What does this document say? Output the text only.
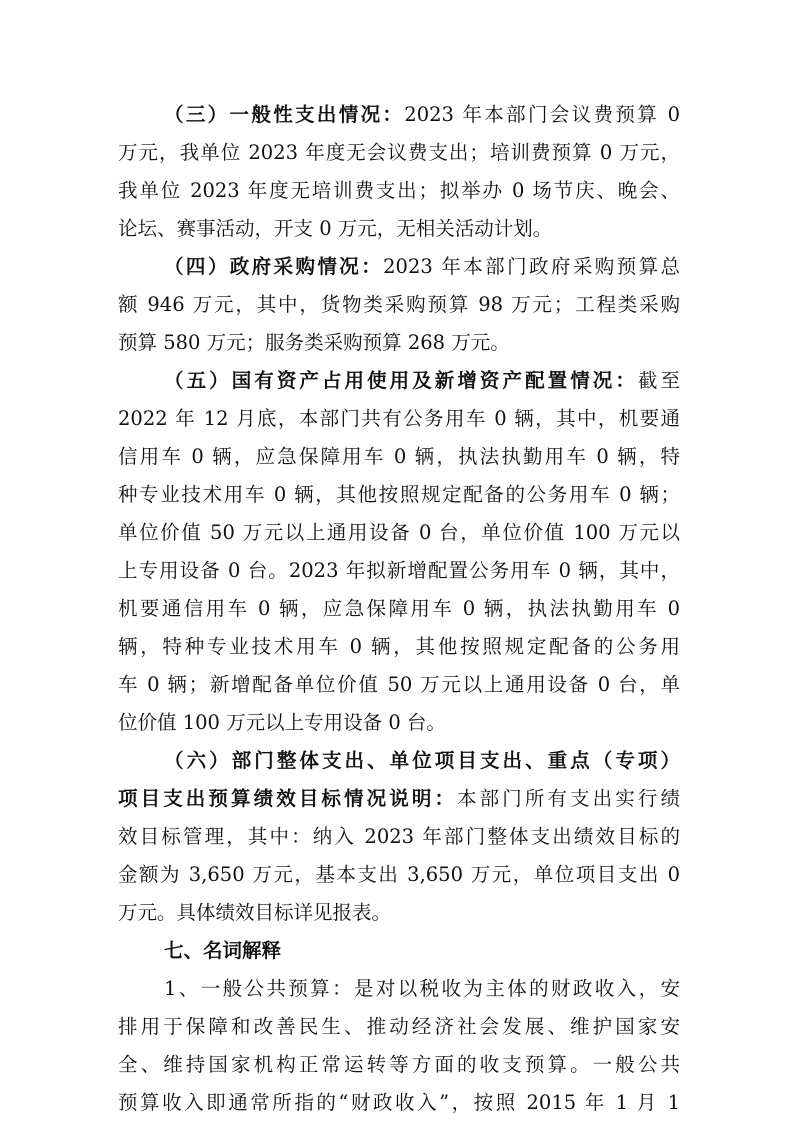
（三）一般性支出情况：2023 年本部门会议费预算 0
万元，我单位 2023 年度无会议费支出；培训费预算 0 万元，
我单位 2023 年度无培训费支出；拟举办 0 场节庆、晚会、
论坛、赛事活动，开支 0 万元，无相关活动计划。
（四）政府采购情况：2023 年本部门政府采购预算总
额 946 万元，其中，货物类采购预算 98 万元；工程类采购
预算 580 万元；服务类采购预算 268 万元。
（五）国有资产占用使用及新增资产配置情况：截至
2022 年 12 月底，本部门共有公务用车 0 辆，其中，机要通
信用车 0 辆，应急保障用车 0 辆，执法执勤用车 0 辆，特
种专业技术用车 0 辆，其他按照规定配备的公务用车 0 辆；
单位价值 50 万元以上通用设备 0 台，单位价值 100 万元以
上专用设备 0 台。2023 年拟新增配置公务用车 0 辆，其中，
机要通信用车 0 辆，应急保障用车 0 辆，执法执勤用车 0
辆，特种专业技术用车 0 辆，其他按照规定配备的公务用
车 0 辆；新增配备单位价值 50 万元以上通用设备 0 台，单
位价值 100 万元以上专用设备 0 台。
（六）部门整体支出、单位项目支出、重点（专项）
项目支出预算绩效目标情况说明：本部门所有支出实行绩
效目标管理，其中：纳入 2023 年部门整体支出绩效目标的
金额为 3,650 万元，基本支出 3,650 万元，单位项目支出 0
万元。具体绩效目标详见报表。
七、名词解释
1、一般公共预算：是对以税收为主体的财政收入，安
排用于保障和改善民生、推动经济社会发展、维护国家安
全、维持国家机构正常运转等方面的收支预算。一般公共
预算收入即通常所指的“财政收入”，按照 2015 年 1 月 1
